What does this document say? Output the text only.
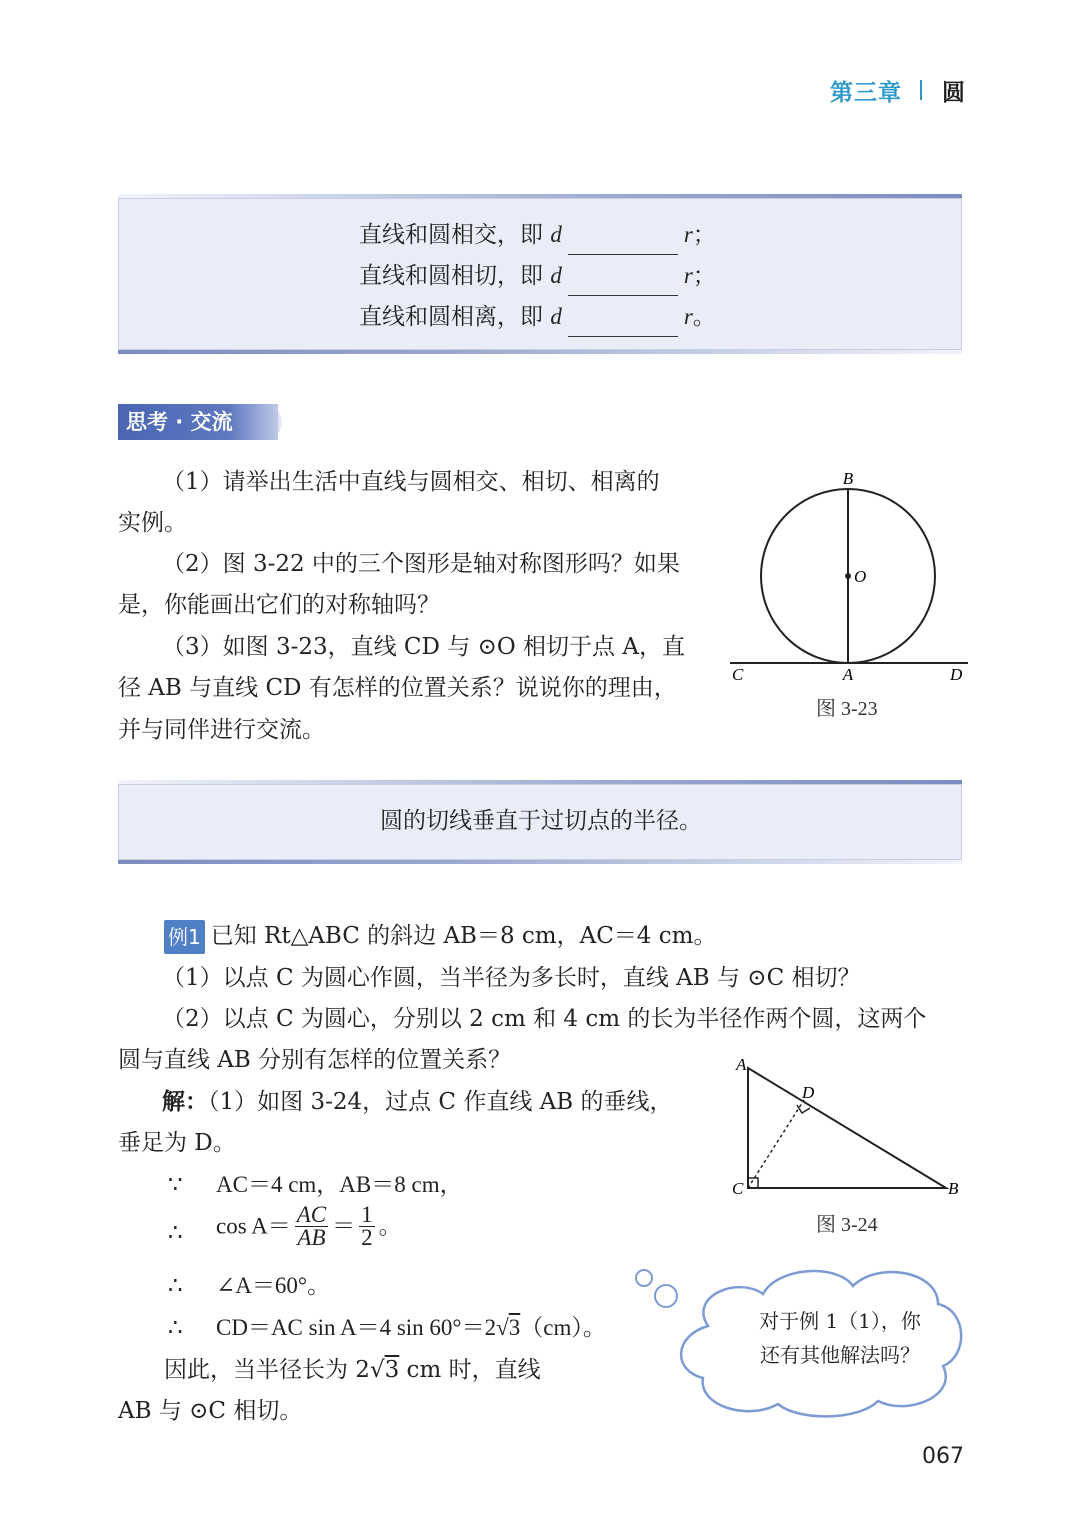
第三章 圆
直线和圆相交，即 d	r；
直线和圆相切，即 d	r；
直线和圆相离，即 d	r。
思考 · 交流
（1）请举出生活中直线与圆相交、相切、相离的
实例。
（2）图 3-22 中的三个图形是轴对称图形吗？如果
是，你能画出它们的对称轴吗？
（3）如图 3-23，直线 CD 与 ⊙O 相切于点 A，直
径 AB 与直线 CD 有怎样的位置关系？说说你的理由，
并与同伴进行交流。
B
O
C	A	D
图 3-23
圆的切线垂直于过切点的半径。
例1 已知 Rt△ABC 的斜边 AB＝8 cm，AC＝4 cm。
（1）以点 C 为圆心作圆，当半径为多长时，直线 AB 与 ⊙C 相切？
（2）以点 C 为圆心，分别以 2 cm 和 4 cm 的长为半径作两个圆，这两个
圆与直线 AB 分别有怎样的位置关系？
解：（1）如图 3-24，过点 C 作直线 AB 的垂线，
垂足为 D。
∵ AC＝4 cm，AB＝8 cm，
∴ $\cos A= \frac{AC}{AB} = \frac{1}{2}$ 。
∴ ∠A＝60°。
∴ CD＝AC sin A＝4 sin 60°＝2√3（cm）。
因此，当半径长为 2√3 cm 时，直线
AB 与 ⊙C 相切。
A
D
C	B
图 3-24
对于例 1（1），你
还有其他解法吗？
067
